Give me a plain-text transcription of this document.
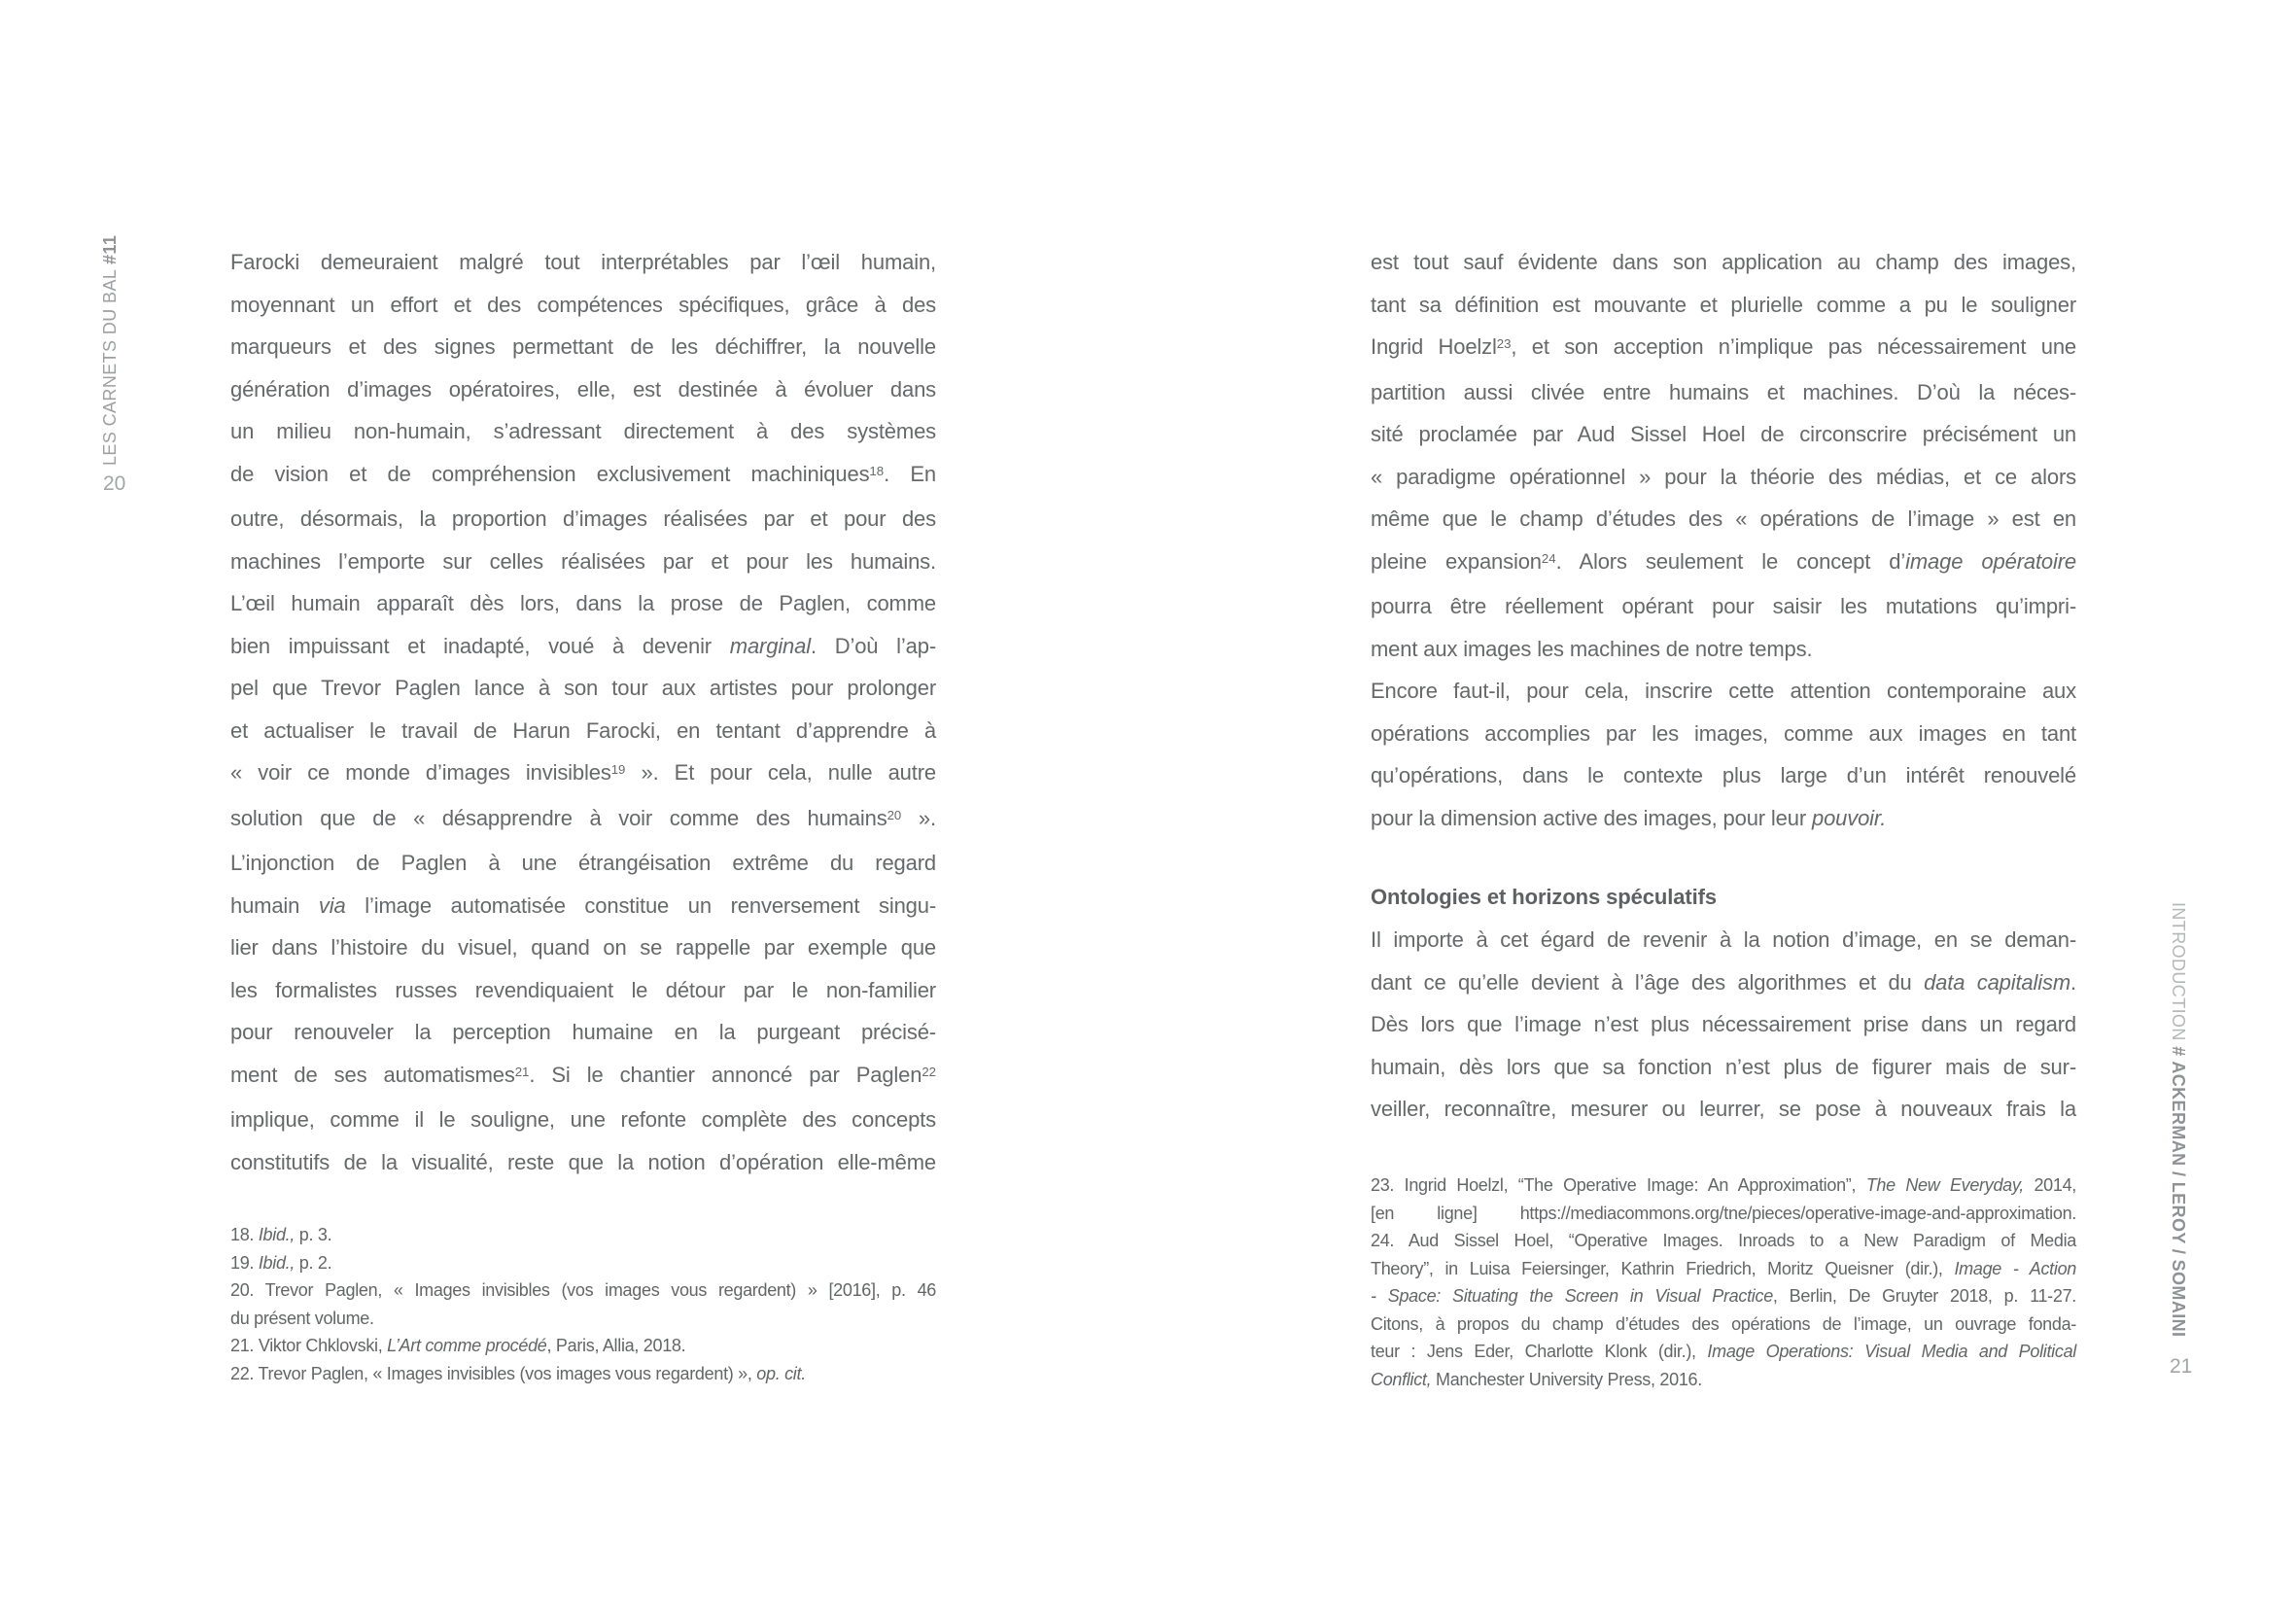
LES CARNETS DU BAL #11
20
Farocki demeuraient malgré tout interprétables par l’œil humain,
moyennant un effort et des compétences spécifiques, grâce à des
marqueurs et des signes permettant de les déchiffrer, la nouvelle
génération d’images opératoires, elle, est destinée à évoluer dans
un milieu non-humain, s’adressant directement à des systèmes
de vision et de compréhension exclusivement machiniques$^{18}$. En
outre, désormais, la proportion d’images réalisées par et pour des
machines l’emporte sur celles réalisées par et pour les humains.
L’œil humain apparaît dès lors, dans la prose de Paglen, comme
bien impuissant et inadapté, voué à devenir marginal. D’où l’ap-
pel que Trevor Paglen lance à son tour aux artistes pour prolonger
et actualiser le travail de Harun Farocki, en tentant d’apprendre à
« voir ce monde d’images invisibles$^{19}$ ». Et pour cela, nulle autre
solution que de « désapprendre à voir comme des humains$^{20}$ ».
L’injonction de Paglen à une étrangéisation extrême du regard
humain via l’image automatisée constitue un renversement singu-
lier dans l’histoire du visuel, quand on se rappelle par exemple que
les formalistes russes revendiquaient le détour par le non-familier
pour renouveler la perception humaine en la purgeant précisé-
ment de ses automatismes$^{21}$. Si le chantier annoncé par Paglen$^{22}$
implique, comme il le souligne, une refonte complète des concepts
constitutifs de la visualité, reste que la notion d’opération elle-même
18. Ibid., p. 3.
19. Ibid., p. 2.
20. Trevor Paglen, « Images invisibles (vos images vous regardent) » [2016], p. 46
du présent volume.
21. Viktor Chklovski, L’Art comme procédé, Paris, Allia, 2018.
22. Trevor Paglen, « Images invisibles (vos images vous regardent) », op. cit.
est tout sauf évidente dans son application au champ des images,
tant sa définition est mouvante et plurielle comme a pu le souligner
Ingrid Hoelzl$^{23}$, et son acception n’implique pas nécessairement une
partition aussi clivée entre humains et machines. D’où la néces-
sité proclamée par Aud Sissel Hoel de circonscrire précisément un
« paradigme opérationnel » pour la théorie des médias, et ce alors
même que le champ d’études des « opérations de l’image » est en
pleine expansion$^{24}$. Alors seulement le concept d’image opératoire
pourra être réellement opérant pour saisir les mutations qu’impri-
ment aux images les machines de notre temps.
Encore faut-il, pour cela, inscrire cette attention contemporaine aux
opérations accomplies par les images, comme aux images en tant
qu’opérations, dans le contexte plus large d’un intérêt renouvelé
pour la dimension active des images, pour leur pouvoir.
Ontologies et horizons spéculatifs
Il importe à cet égard de revenir à la notion d’image, en se deman-
dant ce qu’elle devient à l’âge des algorithmes et du data capitalism.
Dès lors que l’image n’est plus nécessairement prise dans un regard
humain, dès lors que sa fonction n’est plus de figurer mais de sur-
veiller, reconnaître, mesurer ou leurrer, se pose à nouveaux frais la
23. Ingrid Hoelzl, “The Operative Image: An Approximation”, The New Everyday, 2014,
[en ligne] https://mediacommons.org/tne/pieces/operative-image-and-approximation.
24. Aud Sissel Hoel, “Operative Images. Inroads to a New Paradigm of Media
Theory”, in Luisa Feiersinger, Kathrin Friedrich, Moritz Queisner (dir.), Image - Action
- Space: Situating the Screen in Visual Practice, Berlin, De Gruyter 2018, p. 11-27.
Citons, à propos du champ d’études des opérations de l’image, un ouvrage fonda-
teur : Jens Eder, Charlotte Klonk (dir.), Image Operations: Visual Media and Political
Conflict, Manchester University Press, 2016.
INTRODUCTION # ACKERMAN / LEROY / SOMAINI
21
